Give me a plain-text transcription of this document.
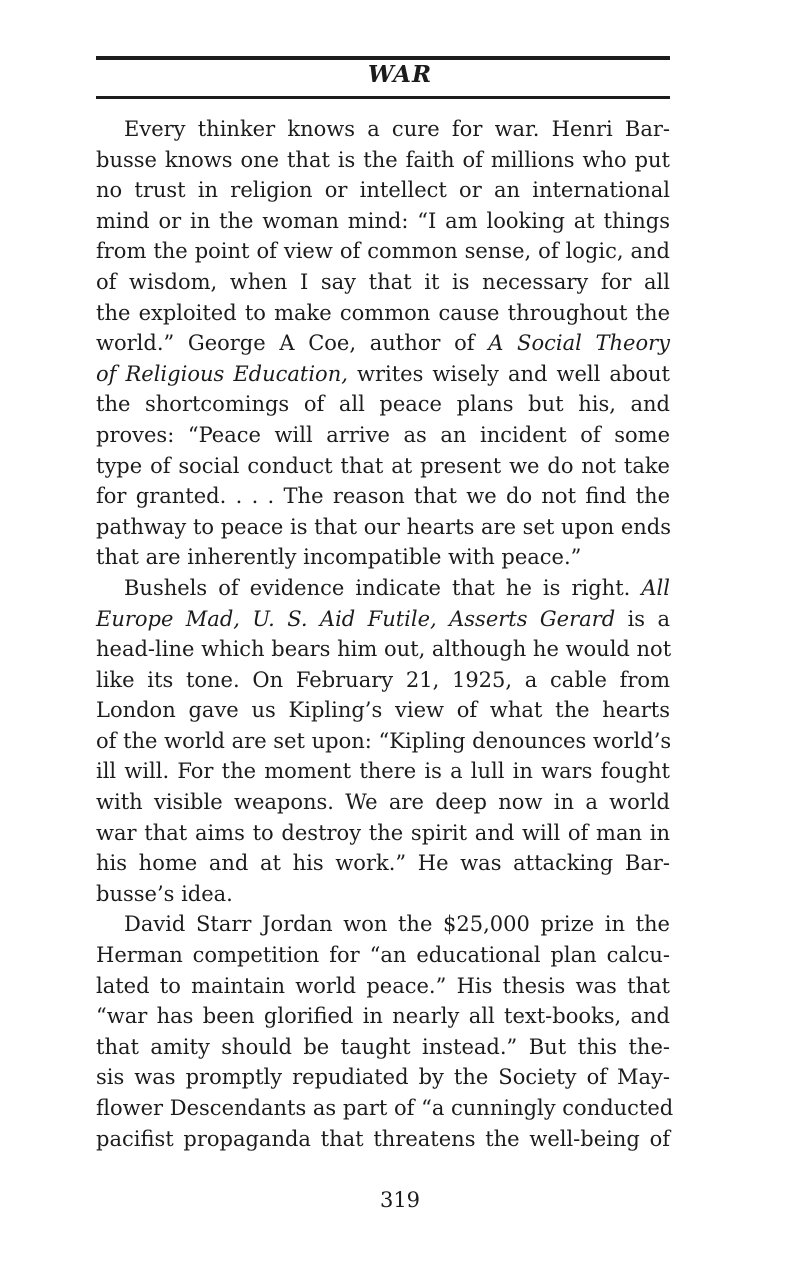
WAR
Every thinker knows a cure for war. Henri Bar-
busse knows one that is the faith of millions who put
no trust in religion or intellect or an international
mind or in the woman mind: “I am looking at things
from the point of view of common sense, of logic, and
of wisdom, when I say that it is necessary for all
the exploited to make common cause throughout the
world.” George A Coe, author of A Social Theory
of Religious Education, writes wisely and well about
the shortcomings of all peace plans but his, and
proves: “Peace will arrive as an incident of some
type of social conduct that at present we do not take
for granted. . . . The reason that we do not find the
pathway to peace is that our hearts are set upon ends
that are inherently incompatible with peace.”
Bushels of evidence indicate that he is right. All
Europe Mad, U. S. Aid Futile, Asserts Gerard is a
head-line which bears him out, although he would not
like its tone. On February 21, 1925, a cable from
London gave us Kipling’s view of what the hearts
of the world are set upon: “Kipling denounces world’s
ill will. For the moment there is a lull in wars fought
with visible weapons. We are deep now in a world
war that aims to destroy the spirit and will of man in
his home and at his work.” He was attacking Bar-
busse’s idea.
David Starr Jordan won the $25,000 prize in the
Herman competition for “an educational plan calcu-
lated to maintain world peace.” His thesis was that
“war has been glorified in nearly all text-books, and
that amity should be taught instead.” But this the-
sis was promptly repudiated by the Society of May-
flower Descendants as part of “a cunningly conducted
pacifist propaganda that threatens the well-being of
319
